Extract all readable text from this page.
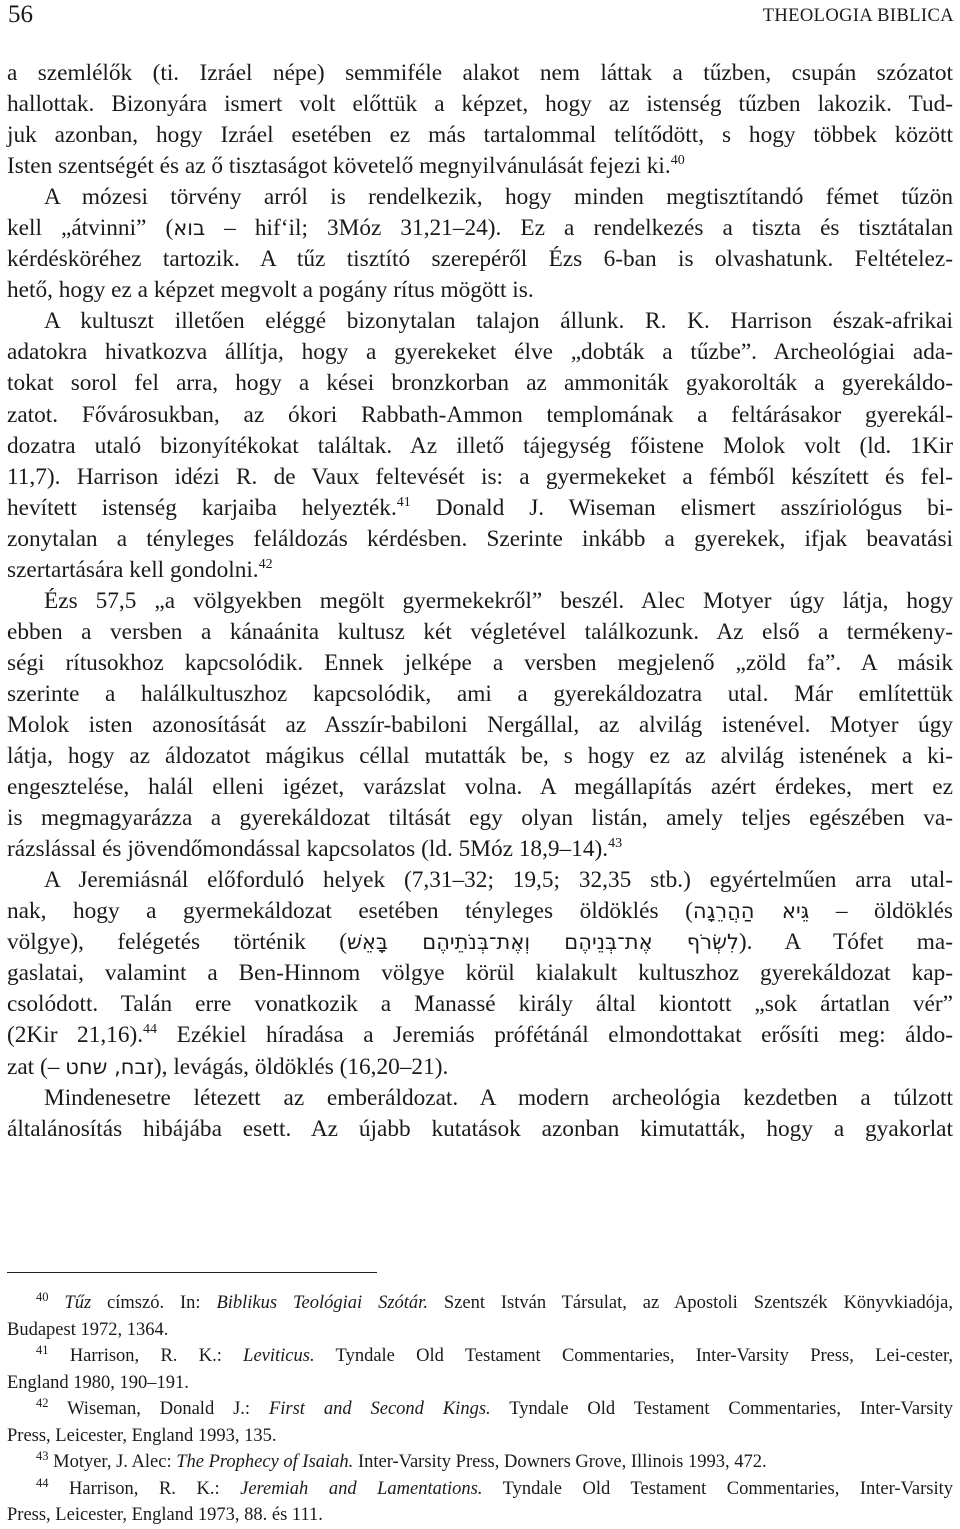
56	THEOLOGIA BIBLICA
a szemlélők (ti. Izráel népe) semmiféle alakot nem láttak a tűzben, csupán szózatot
hallottak. Bizonyára ismert volt előttük a képzet, hogy az istenség tűzben lakozik. Tud-
juk azonban, hogy Izráel esetében ez más tartalommal telítődött, s hogy többek között
Isten szentségét és az ő tisztaságot követelő megnyilvánulását fejezi ki.$^{40}$
A mózesi törvény arról is rendelkezik, hogy minden megtisztítandó fémet tűzön
kell „átvinni” (בוא – hif‘il; 3Móz 31,21–24). Ez a rendelkezés a tiszta és tisztátalan
kérdésköréhez tartozik. A tűz tisztító szerepéről Ézs 6-ban is olvashatunk. Feltételez-
hető, hogy ez a képzet megvolt a pogány rítus mögött is.
A kultuszt illetően eléggé bizonytalan talajon állunk. R. K. Harrison észak-afrikai
adatokra hivatkozva állítja, hogy a gyerekeket élve „dobták a tűzbe”. Archeológiai ada-
tokat sorol fel arra, hogy a kései bronzkorban az ammoniták gyakorolták a gyerekáldo-
zatot. Fővárosukban, az ókori Rabbath-Ammon templomának a feltárásakor gyerekál-
dozatra utaló bizonyítékokat találtak. Az illető tájegység főistene Molok volt (ld. 1Kir
11,7). Harrison idézi R. de Vaux feltevését is: a gyermekeket a fémből készített és fel-
hevített istenség karjaiba helyezték.$^{41}$ Donald J. Wiseman elismert asszíriológus bi-
zonytalan a tényleges feláldozás kérdésben. Szerinte inkább a gyerekek, ifjak beavatási
szertartására kell gondolni.$^{42}$
Ézs 57,5 „a völgyekben megölt gyermekekről” beszél. Alec Motyer úgy látja, hogy
ebben a versben a kánaánita kultusz két végletével találkozunk. Az első a termékeny-
ségi rítusokhoz kapcsolódik. Ennek jelképe a versben megjelenő „zöld fa”. A másik
szerinte a halálkultuszhoz kapcsolódik, ami a gyerekáldozatra utal. Már említettük
Molok isten azonosítását az Asszír-babiloni Nergállal, az alvilág istenével. Motyer úgy
látja, hogy az áldozatot mágikus céllal mutatták be, s hogy ez az alvilág istenének a ki-
engesztelése, halál elleni igézet, varázslat volna. A megállapítás azért érdekes, mert ez
is megmagyarázza a gyerekáldozat tiltását egy olyan listán, amely teljes egészében va-
rázslással és jövendőmondással kapcsolatos (ld. 5Móz 18,9–14).$^{43}$
A Jeremiásnál előforduló helyek (7,31–32; 19,5; 32,35 stb.) egyértelműen arra utal-
nak, hogy a gyermekáldozat esetében tényleges öldöklés (גֵּיא הַהֲרֵגָה – öldöklés
völgye), felégetés történik (לִשְׂרֹף אֶת־בְּנֵיהֶם וְאֶת־בְּנֹתֵיהֶם בָּאֵשׁ). A Tófet ma-
gaslatai, valamint a Ben-Hinnom völgye körül kialakult kultuszhoz gyerekáldozat kap-
csolódott. Talán erre vonatkozik a Manassé király által kiontott „sok ártatlan vér”
(2Kir 21,16).$^{44}$ Ezékiel híradása a Jeremiás prófétánál elmondottakat erősíti meg: áldo-
zat (– זבח, שחט), levágás, öldöklés (16,20–21).
Mindenesetre létezett az emberáldozat. A modern archeológia kezdetben a túlzott
általánosítás hibájába esett. Az újabb kutatások azonban kimutatták, hogy a gyakorlat
$^{40}$ Tűz címszó. In: Biblikus Teológiai Szótár. Szent István Társulat, az Apostoli Szentszék Könyvkiadója,
Budapest 1972, 1364.
$^{41}$ Harrison, R. K.: Leviticus. Tyndale Old Testament Commentaries, Inter-Varsity Press, Lei-cester,
England 1980, 190–191.
$^{42}$ Wiseman, Donald J.: First and Second Kings. Tyndale Old Testament Commentaries, Inter-Varsity
Press, Leicester, England 1993, 135.
$^{43}$ Motyer, J. Alec: The Prophecy of Isaiah. Inter-Varsity Press, Downers Grove, Illinois 1993, 472.
$^{44}$ Harrison, R. K.: Jeremiah and Lamentations. Tyndale Old Testament Commentaries, Inter-Varsity
Press, Leicester, England 1973, 88. és 111.
